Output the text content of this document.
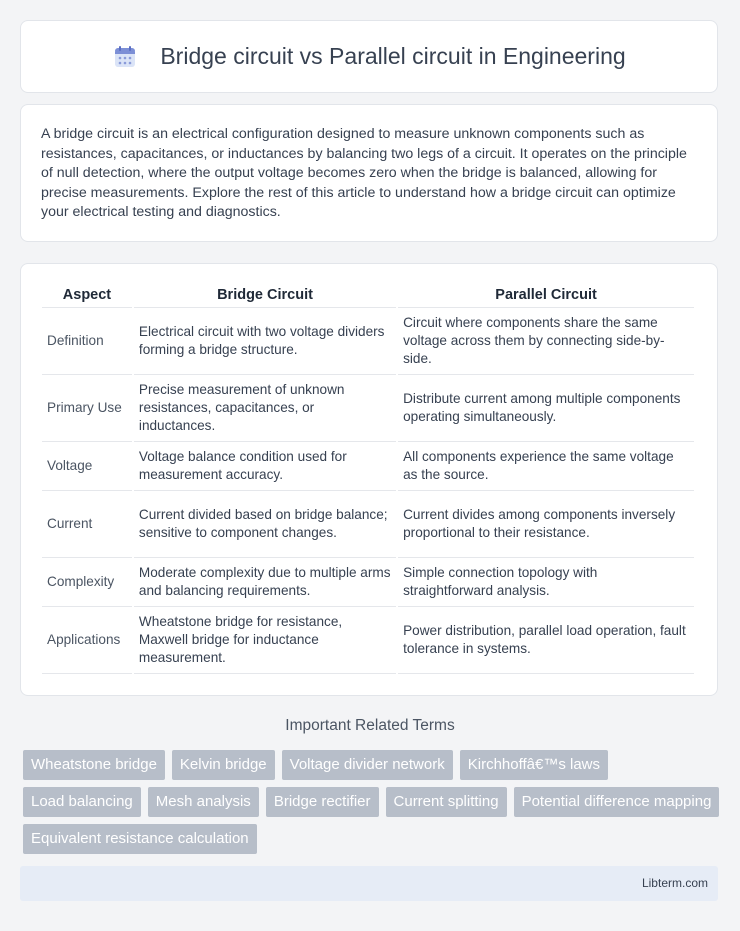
Bridge circuit vs Parallel circuit in Engineering

A bridge circuit is an electrical configuration designed to measure unknown components such as resistances, capacitances, or inductances by balancing two legs of a circuit. It operates on the principle of null detection, where the output voltage becomes zero when the bridge is balanced, allowing for precise measurements. Explore the rest of this article to understand how a bridge circuit can optimize your electrical testing and diagnostics.

Aspect	Bridge Circuit	Parallel Circuit
Definition	Electrical circuit with two voltage dividers forming a bridge structure.	Circuit where components share the same voltage across them by connecting side-by-side.
Primary Use	Precise measurement of unknown resistances, capacitances, or inductances.	Distribute current among multiple components operating simultaneously.
Voltage	Voltage balance condition used for measurement accuracy.	All components experience the same voltage as the source.
Current	Current divided based on bridge balance; sensitive to component changes.	Current divides among components inversely proportional to their resistance.
Complexity	Moderate complexity due to multiple arms and balancing requirements.	Simple connection topology with straightforward analysis.
Applications	Wheatstone bridge for resistance, Maxwell bridge for inductance measurement.	Power distribution, parallel load operation, fault tolerance in systems.
Important Related Terms
Wheatstone bridge	Kelvin bridge	Voltage divider network	Kirchhoffâ€™s laws
Load balancing	Mesh analysis	Bridge rectifier	Current splitting	Potential difference mapping
Equivalent resistance calculation
Libterm.com
